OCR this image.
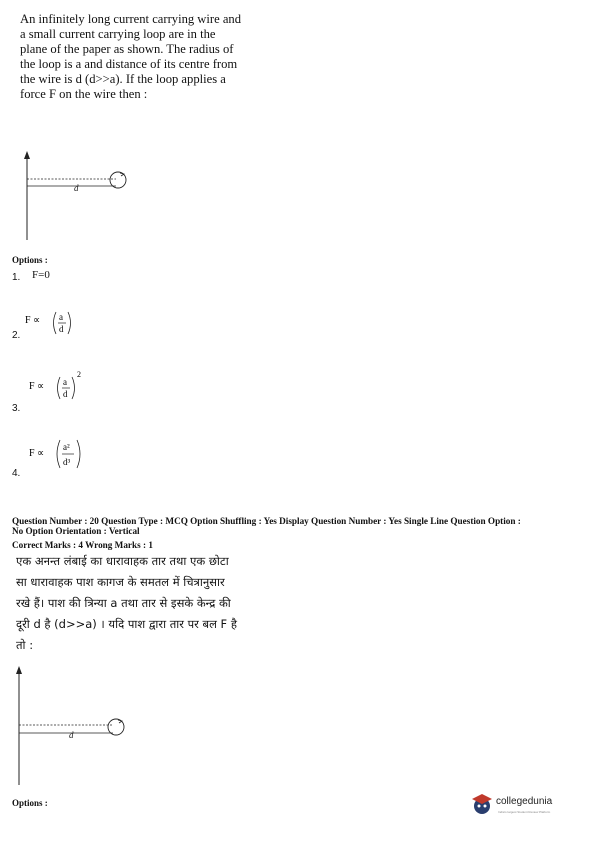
An infinitely long current carrying wire and
a small current carrying loop are in the
plane of the paper as shown. The radius of
the loop is a and distance of its centre from
the wire is d (d>>a). If the loop applies a
force F on the wire then :
d
Options :
1. F=0
2.
F ∝ a
d
3.
F ∝ a
d
2
4.
F ∝
a²
d³
Question Number : 20 Question Type : MCQ Option Shuffling : Yes Display Question Number : Yes Single Line Question Option :
No Option Orientation : Vertical
Correct Marks : 4 Wrong Marks : 1
एक अनन्त लंबाई का धारावाहक तार तथा एक छोटा
सा धारावाहक पाश कागज के समतल में चित्रानुसार
रखे हैं। पाश की त्रिन्या a तथा तार से इसके केन्द्र की
दूरी d है (d>>a) । यदि पाश द्वारा तार पर बल F है
तो :
d
Options :	collegedunia
India's largest Student Review Platform
